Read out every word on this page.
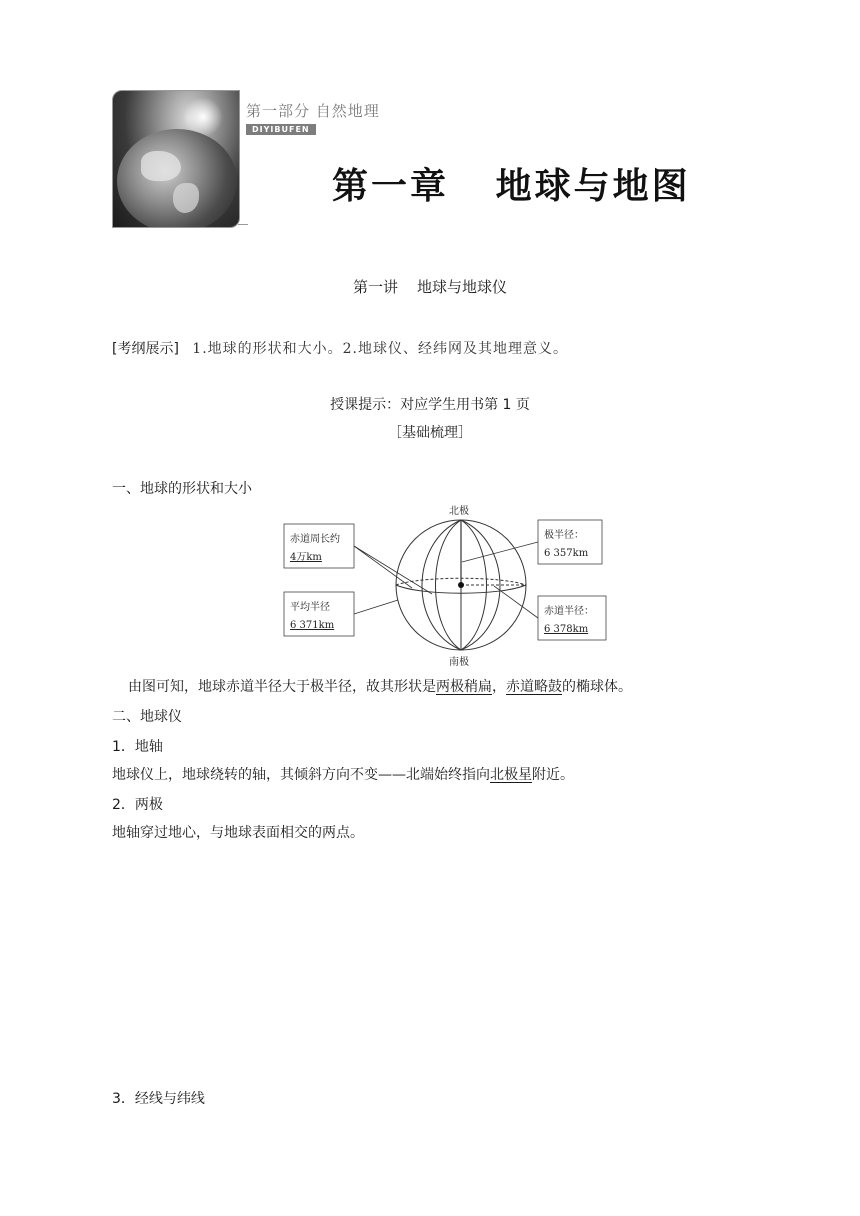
第一部分 自然地理
DIYIBUFEN
第一章   地球与地图
第一讲    地球与地球仪
[考纲展示] 1.地球的形状和大小。2.地球仪、经纬网及其地理意义。
授课提示：对应学生用书第 1 页
［基础梳理］
一、地球的形状和大小
北极
南极
赤道周长约
4万km
平均半径
6 371km
极半径：
6 357km
赤道半径：
6 378km
由图可知，地球赤道半径大于极半径，故其形状是两极稍扁，赤道略鼓的椭球体。
二、地球仪
1．地轴
地球仪上，地球绕转的轴，其倾斜方向不变——北端始终指向北极星附近。
2．两极
地轴穿过地心，与地球表面相交的两点。
3．经线与纬线
